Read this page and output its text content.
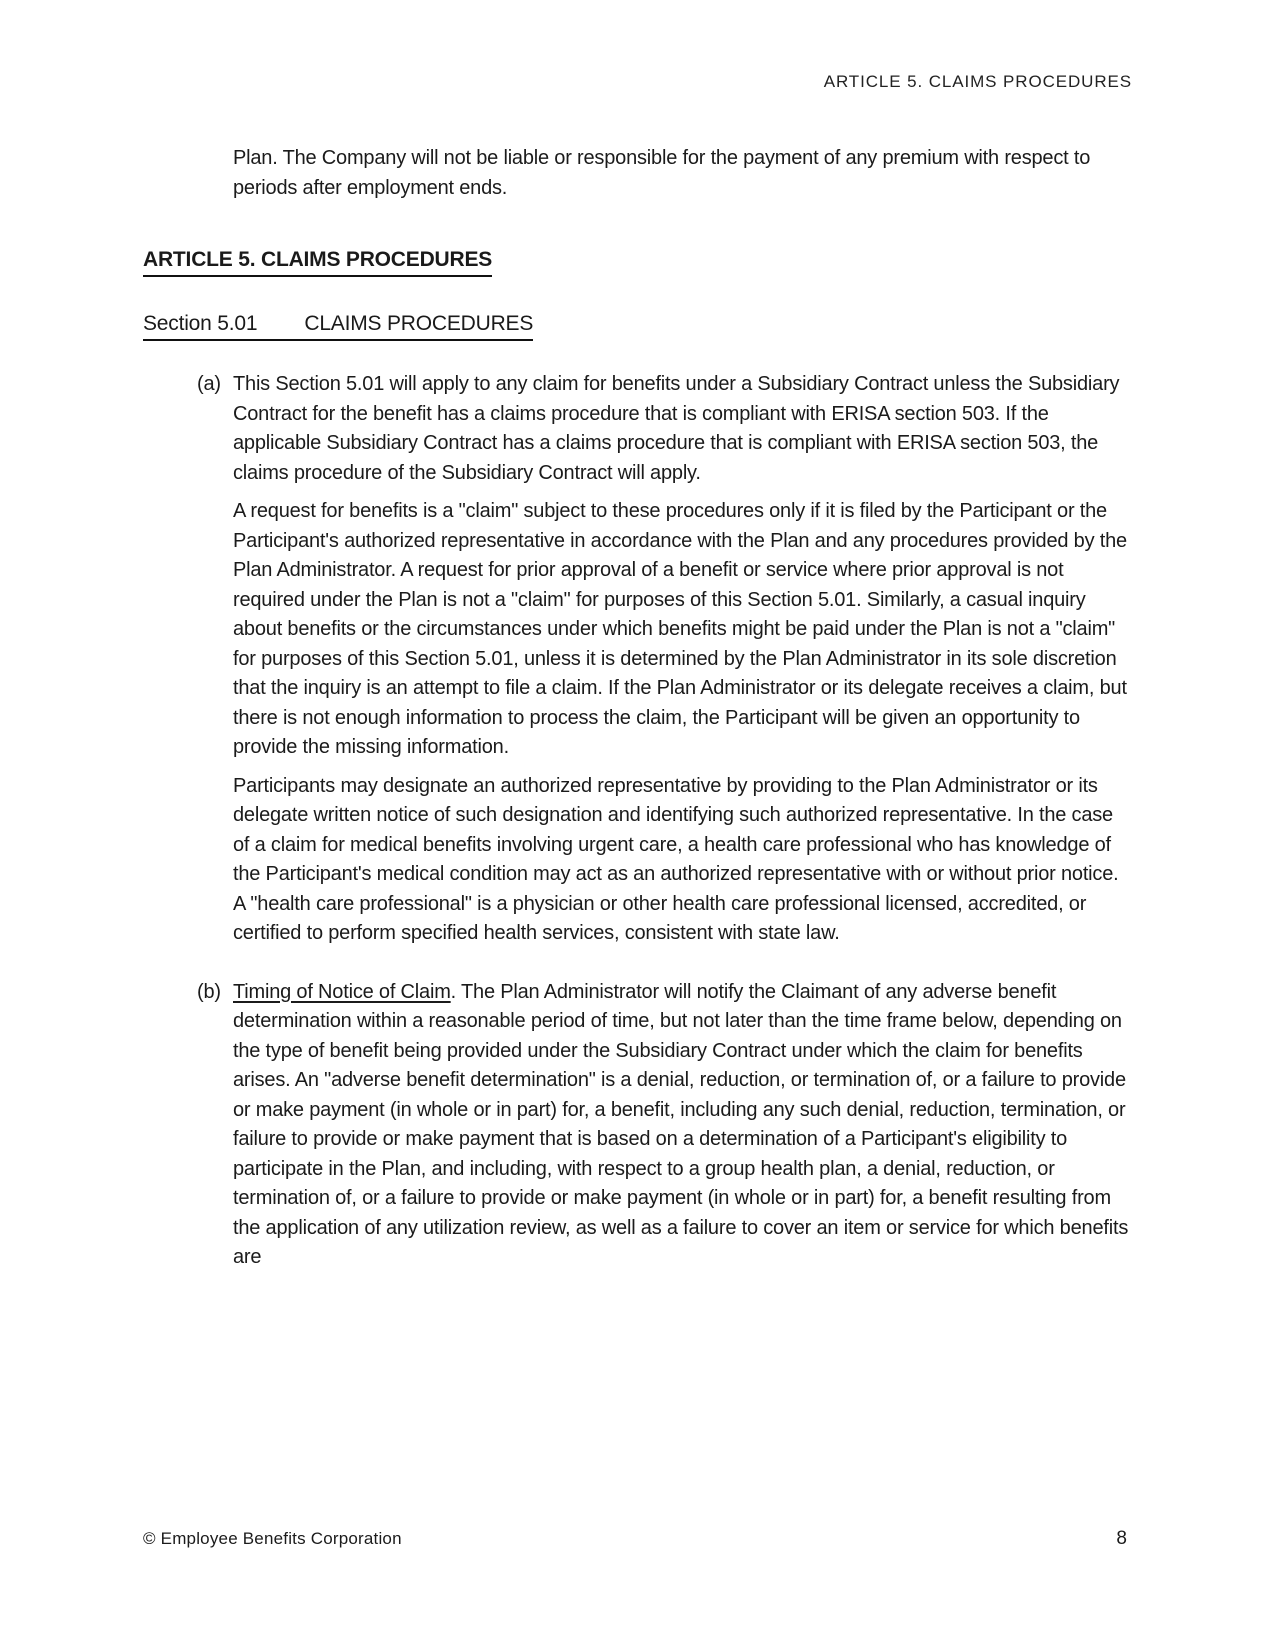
ARTICLE 5. CLAIMS PROCEDURES
Plan. The Company will not be liable or responsible for the payment of any premium with respect to periods after employment ends.
ARTICLE 5. CLAIMS PROCEDURES
Section 5.01 CLAIMS PROCEDURES
(a) This Section 5.01 will apply to any claim for benefits under a Subsidiary Contract unless the Subsidiary Contract for the benefit has a claims procedure that is compliant with ERISA section 503. If the applicable Subsidiary Contract has a claims procedure that is compliant with ERISA section 503, the claims procedure of the Subsidiary Contract will apply.
A request for benefits is a "claim" subject to these procedures only if it is filed by the Participant or the Participant's authorized representative in accordance with the Plan and any procedures provided by the Plan Administrator. A request for prior approval of a benefit or service where prior approval is not required under the Plan is not a "claim" for purposes of this Section 5.01. Similarly, a casual inquiry about benefits or the circumstances under which benefits might be paid under the Plan is not a "claim" for purposes of this Section 5.01, unless it is determined by the Plan Administrator in its sole discretion that the inquiry is an attempt to file a claim. If the Plan Administrator or its delegate receives a claim, but there is not enough information to process the claim, the Participant will be given an opportunity to provide the missing information.
Participants may designate an authorized representative by providing to the Plan Administrator or its delegate written notice of such designation and identifying such authorized representative. In the case of a claim for medical benefits involving urgent care, a health care professional who has knowledge of the Participant's medical condition may act as an authorized representative with or without prior notice. A "health care professional" is a physician or other health care professional licensed, accredited, or certified to perform specified health services, consistent with state law.
(b) Timing of Notice of Claim. The Plan Administrator will notify the Claimant of any adverse benefit determination within a reasonable period of time, but not later than the time frame below, depending on the type of benefit being provided under the Subsidiary Contract under which the claim for benefits arises. An "adverse benefit determination" is a denial, reduction, or termination of, or a failure to provide or make payment (in whole or in part) for, a benefit, including any such denial, reduction, termination, or failure to provide or make payment that is based on a determination of a Participant's eligibility to participate in the Plan, and including, with respect to a group health plan, a denial, reduction, or termination of, or a failure to provide or make payment (in whole or in part) for, a benefit resulting from the application of any utilization review, as well as a failure to cover an item or service for which benefits are
© Employee Benefits Corporation	8
